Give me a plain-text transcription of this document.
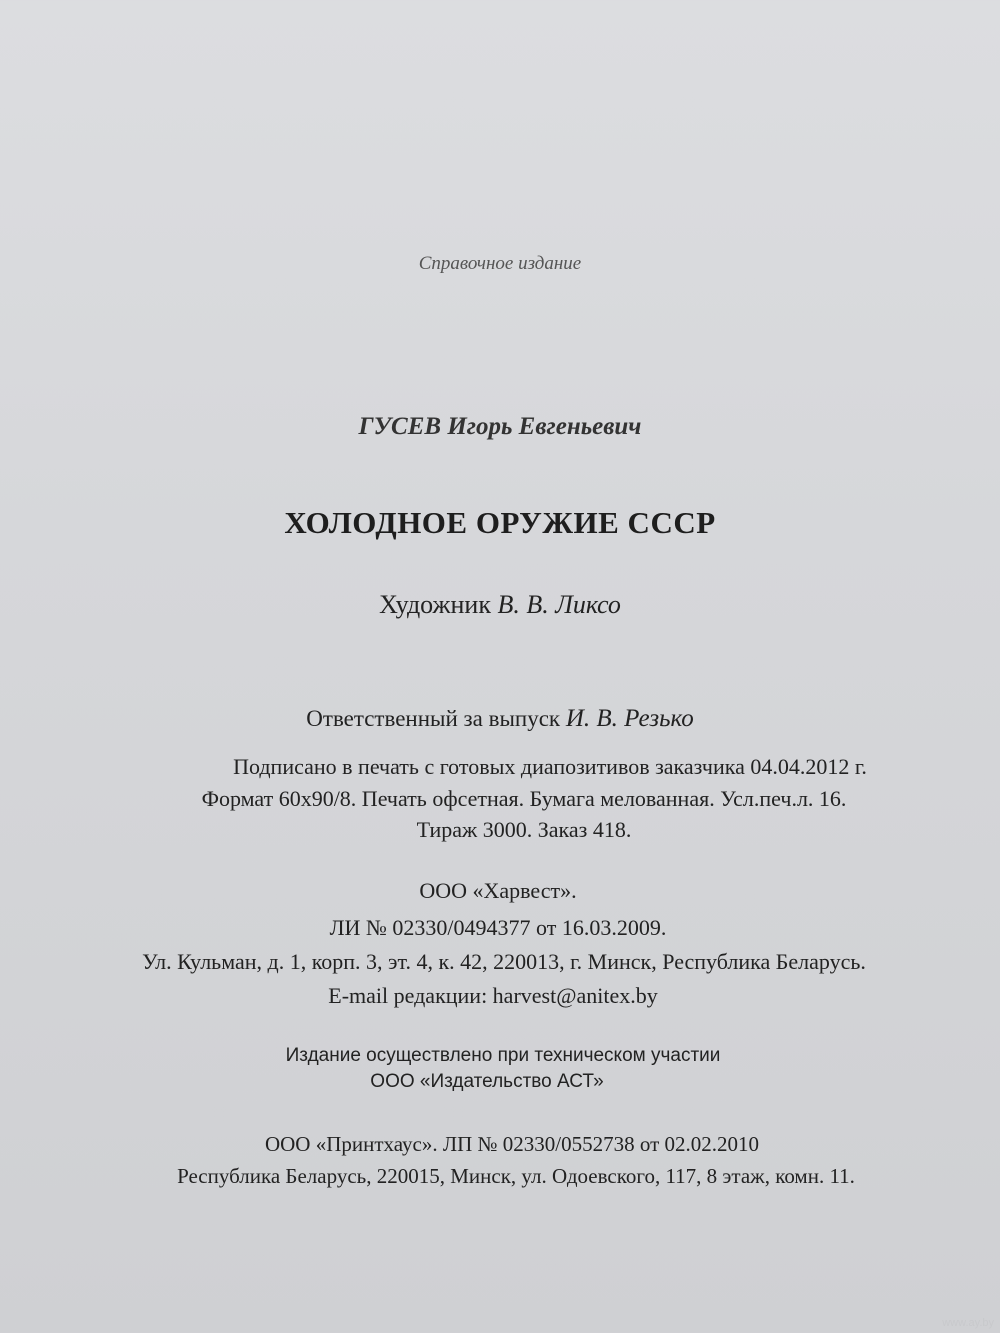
Справочное издание
ГУСЕВ Игорь Евгеньевич
ХОЛОДНОЕ ОРУЖИЕ СССР
Художник В. В. Ликсо
Ответственный за выпуск И. В. Резько
Подписано в печать с готовых диапозитивов заказчика 04.04.2012 г.
Формат 60х90/8. Печать офсетная. Бумага мелованная. Усл.печ.л. 16.
Тираж 3000. Заказ 418.
ООО «Харвест».
ЛИ № 02330/0494377 от 16.03.2009.
Ул. Кульман, д. 1, корп. 3, эт. 4, к. 42, 220013, г. Минск, Республика Беларусь.
E-mail редакции: harvest@anitex.by
Издание осуществлено при техническом участии
ООО «Издательство АСТ»
ООО «Принтхаус». ЛП № 02330/0552738 от 02.02.2010
Республика Беларусь, 220015, Минск, ул. Одоевского, 117, 8 этаж, комн. 11.
www.ay.by
